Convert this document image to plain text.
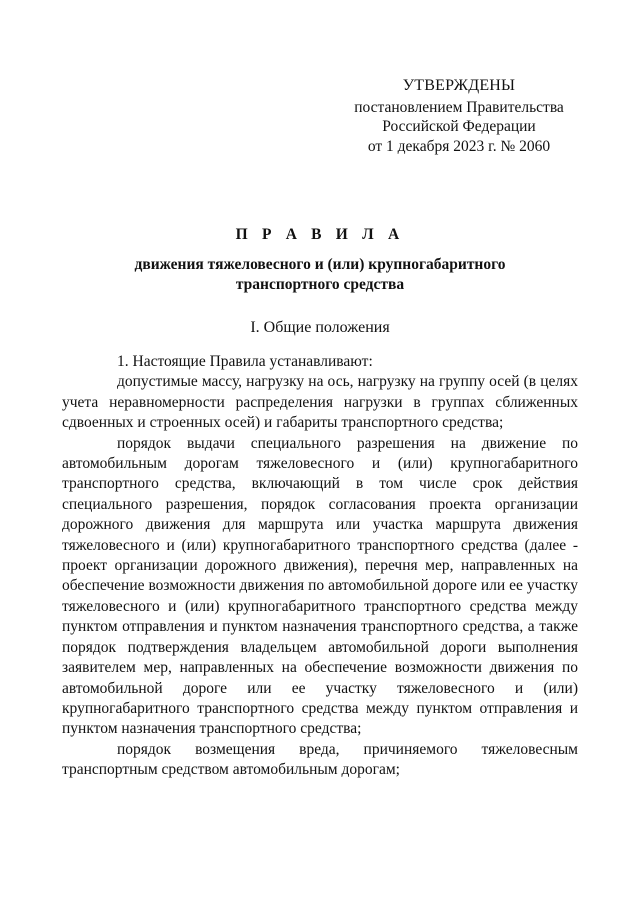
УТВЕРЖДЕНЫ
постановлением Правительства
Российской Федерации
от 1 декабря 2023 г. № 2060
П Р А В И Л А
движения тяжеловесного и (или) крупногабаритного
транспортного средства
I. Общие положения

1. Настоящие Правила устанавливают:

допустимые массу, нагрузку на ось, нагрузку на группу осей (в целях учета неравномерности распределения нагрузки в группах сближенных сдвоенных и строенных осей) и габариты транспортного средства;

порядок выдачи специального разрешения на движение по автомобильным дорогам тяжеловесного и (или) крупногабаритного транспортного средства, включающий в том числе срок действия специального разрешения, порядок согласования проекта организации дорожного движения для маршрута или участка маршрута движения тяжеловесного и (или) крупногабаритного транспортного средства (далее - проект организации дорожного движения), перечня мер, направленных на обеспечение возможности движения по автомобильной дороге или ее участку тяжеловесного и (или) крупногабаритного транспортного средства между пунктом отправления и пунктом назначения транспортного средства, а также порядок подтверждения владельцем автомобильной дороги выполнения заявителем мер, направленных на обеспечение возможности движения по автомобильной дороге или ее участку тяжеловесного и (или) крупногабаритного транспортного средства между пунктом отправления и пунктом назначения транспортного средства;

порядок возмещения вреда, причиняемого тяжеловесным транспортным средством автомобильным дорогам;
